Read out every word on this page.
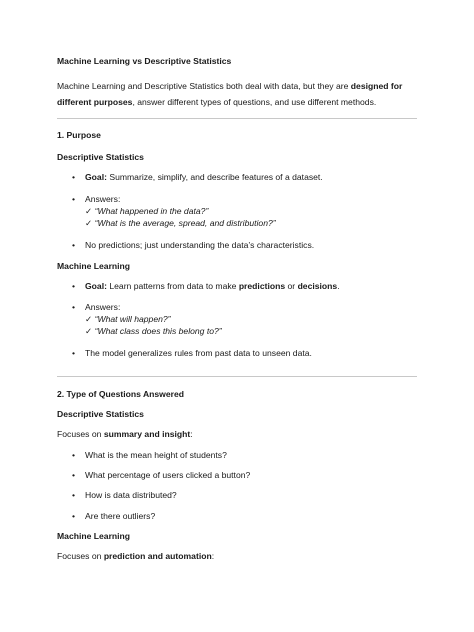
Machine Learning vs Descriptive Statistics
Machine Learning and Descriptive Statistics both deal with data, but they are designed for different purposes, answer different types of questions, and use different methods.
1. Purpose
Descriptive Statistics
•	Goal: Summarize, simplify, and describe features of a dataset.
•	Answers:
✓ “What happened in the data?”
✓ “What is the average, spread, and distribution?”
•	No predictions; just understanding the data’s characteristics.
Machine Learning
•	Goal: Learn patterns from data to make predictions or decisions.
•	Answers:
✓ “What will happen?”
✓ “What class does this belong to?”
•	The model generalizes rules from past data to unseen data.
2. Type of Questions Answered
Descriptive Statistics
Focuses on summary and insight:
•	What is the mean height of students?
•	What percentage of users clicked a button?
•	How is data distributed?
•	Are there outliers?
Machine Learning
Focuses on prediction and automation:
